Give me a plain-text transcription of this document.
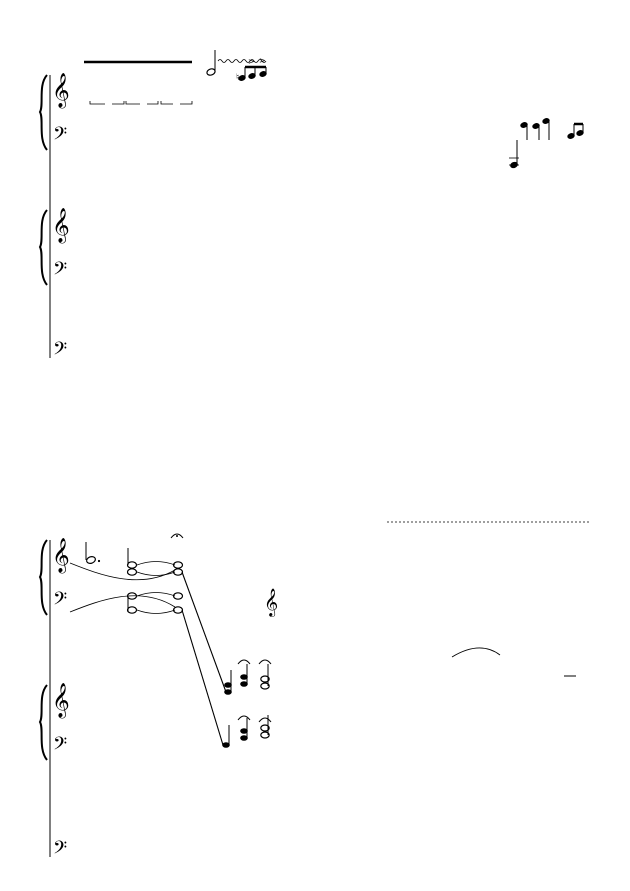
𝄞
𝄢
𝄞
𝄢
𝄢
♮
> >
𝄞
𝄢	𝄞
𝄞
𝄢
𝄢
